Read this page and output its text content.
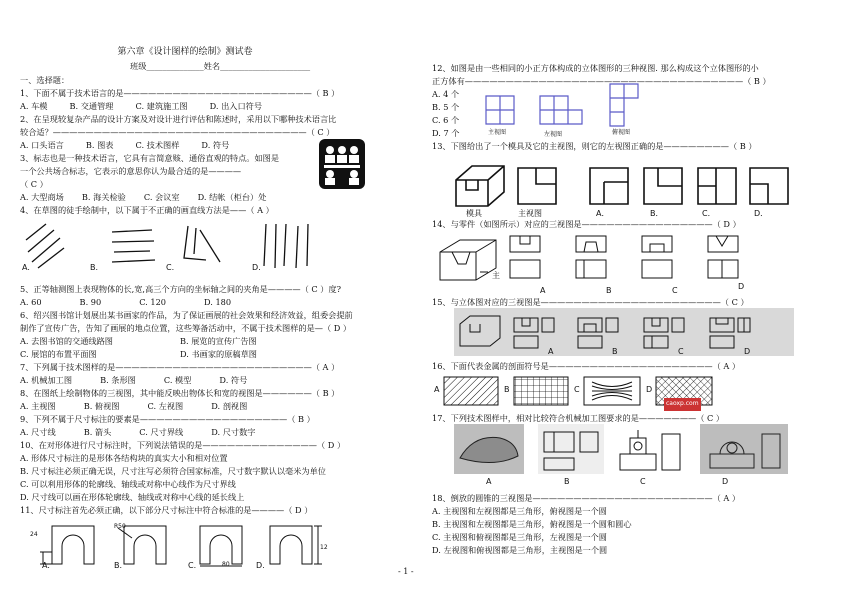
第六章《设计图样的绘制》测试卷
班级______________姓名______________________
一、选择题：
1、下面不属于技术语言的是———————————————————————（ B ）
A. 车模	B. 交通管理	C. 建筑施工图	D. 出入口符号
2、在呈现较复杂产品的设计方案及对设计进行评估和陈述时，采用以下哪种技术语言比
较合适？———————————————————————————————（ C ）
A. 口头语言	B. 图表	C. 技术图样	D. 符号
3、标志也是一种技术语言，它具有言简意赅、通俗直观的特点。如图是
一个公共场合标志，它表示的意思你认为最合适的是————
（ C ）
A. 大型商场 B. 海关检验 C. 会议室 D. 结帐（柜台）处
4、在草图的徒手绘制中，以下属于不正确的画直线方法是——（ A ）
A.	B.	C.	D.
5、正等轴测图上表现物体的长,宽,高三个方向的坐标轴之间的夹角是————（ C ）度?
A. 60	B. 90	C. 120	D. 180
6、绍兴图书馆计划展出某书画家的作品，为了保证画展的社会效果和经济效益，组委会提前
制作了宣传广告，告知了画展的地点位置，这些筹备活动中，不属于技术图样的是—（ D ）
A. 去图书馆的交通线路图	B. 展览的宣传广告图
C. 展馆的布置平面图	D. 书画家的原稿草图
7、下列属于技术图样的是————————————————————————（ A ）
A. 机械加工图	B. 条形图	C. 模型	D. 符号
8、在图纸上绘制物体的三视图，其中能反映出物体长和宽的视图是——————（ B ）
A. 主视图	B. 俯视图	C. 左视图	D. 剖视图
9、下列不属于尺寸标注的要素是——————————————————（ B ）
A. 尺寸线	B. 箭头	C. 尺寸界线	D. 尺寸数字
10、在对形体进行尺寸标注时，下列说法错误的是——————————————（ D ）
A. 形体尺寸标注的是形体各结构块的真实大小和相对位置
B. 尺寸标注必须正确无误，尺寸注写必须符合国家标准，尺寸数字默认以毫米为单位
C. 可以利用形体的轮廓线、轴线或对称中心线作为尺寸界线
D. 尺寸线可以画在形体轮廓线、轴线或对称中心线的延长线上
11、尺寸标注首先必须正确，以下部分尺寸标注中符合标准的是————（ D ）
24
R50
80
12
A.	B.	C.	D.
12、如图是由一些相同的小正方体构成的立体图形的三种视图. 那么构成这个立体图形的小
正方体有——————————————————————————————————（ B ）
A. 4 个
B. 5 个
C. 6 个
D. 7 个	主视图	左视图	俯视图
13、下图给出了一个模具及它的主视图，则它的左视图正确的是————————（ B ）
模具	主视图	A．	B．	C．	D．
14、与零件（如图所示）对应的三视图是————————————————（ D ）
主
A	B	C	D
15、与立体图对应的三视图是——————————————————————（ C ）
A	B	C	D
16、下面代表金属的剖面符号是————————————————————（ A ）
A	B	C	D
caoxp.com
17、下列技术图样中，相对比较符合机械加工图要求的是———————（ C ）
A	B	C	D
18、倒放的圆锥的三视图是——————————————————————（ A ）
A. 主视图和左视图都是三角形，俯视图是一个圆
B. 主视图和左视图都是三角形，俯视图是一个圆和圆心
C. 主视图和俯视图都是三角形，左视图是一个圆
D. 左视图和俯视图都是三角形，主视图是一个圆
- 1 -
